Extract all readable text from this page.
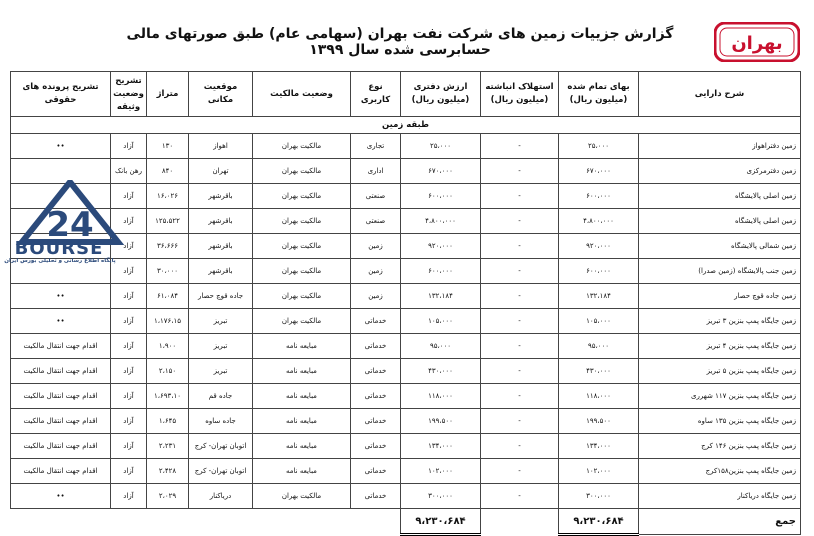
گزارش جزییات زمین های شرکت نفت بهران (سهامی عام) طبق صورتهای مالی حسابرسی شده سال ۱۳۹۹	بهران
شرح دارایی	بهای تمام شده (میلیون ریال)	استهلاک انباشته (میلیون ریال)	ارزش دفتری (میلیون ریال)	نوع کاربری	وضعیت مالکیت	موقعیت مکانی	متراژ	تشریح وضعیت وثیقه	تشریح پرونده های حقوقی
طبقه زمین									
زمین دفتراهواز	۲۵،۰۰۰	-	۲۵،۰۰۰	تجاری	مالکیت بهران	اهواز	۱۳۰	آزاد	••
زمین دفترمرکزی	۶۷۰،۰۰۰	-	۶۷۰،۰۰۰	اداری	مالکیت بهران	تهران	۸۴۰	رهن بانک	
زمین اصلی پالایشگاه	۶۰۰،۰۰۰	-	۶۰۰،۰۰۰	صنعتی	مالکیت بهران	باقرشهر	۱۶،۰۲۶	آزاد	
زمین اصلی پالایشگاه	۴،۸۰۰،۰۰۰	-	۴،۸۰۰،۰۰۰	صنعتی	مالکیت بهران	باقرشهر	۱۲۵،۵۲۲	آزاد	
زمین شمالی پالایشگاه	۹۲۰،۰۰۰	-	۹۲۰،۰۰۰	زمین	مالکیت بهران	باقرشهر	۳۶،۶۶۶	آزاد	
زمین جنب پالایشگاه (زمین صدرا)	۶۰۰،۰۰۰	-	۶۰۰،۰۰۰	زمین	مالکیت بهران	باقرشهر	۳۰،۰۰۰	آزاد	
زمین جاده قوچ حصار	۱۳۲،۱۸۴	-	۱۳۲،۱۸۴	زمین	مالکیت بهران	جاده قوچ حصار	۶۱،۰۸۴	آزاد	••
زمین جایگاه پمپ بنزین ۳ تبریز	۱۰۵،۰۰۰	-	۱۰۵،۰۰۰	خدماتی	مالکیت بهران	تبریز	۱،۱۷۶،۱۵	آزاد	••
زمین جایگاه پمپ بنزین ۴ تبریز	۹۵،۰۰۰	-	۹۵،۰۰۰	خدماتی	مبایعه نامه	تبریز	۱،۹۰۰	آزاد	اقدام جهت انتقال مالکیت
زمین جایگاه پمپ بنزین ۵ تبریز	۴۳۰،۰۰۰	-	۴۳۰،۰۰۰	خدماتی	مبایعه نامه	تبریز	۲،۱۵۰	آزاد	اقدام جهت انتقال مالکیت
زمین جایگاه پمپ بنزین ۱۱۷ شهرری	۱۱۸،۰۰۰	-	۱۱۸،۰۰۰	خدماتی	مبایعه نامه	جاده قم	۱،۶۹۳،۱۰	آزاد	اقدام جهت انتقال مالکیت
زمین جایگاه پمپ بنزین ۱۳۵ ساوه	۱۹۹،۵۰۰	-	۱۹۹،۵۰۰	خدماتی	مبایعه نامه	جاده ساوه	۱،۶۴۵	آزاد	اقدام جهت انتقال مالکیت
زمین جایگاه پمپ بنزین ۱۴۶ کرج	۱۳۴،۰۰۰	-	۱۳۴،۰۰۰	خدماتی	مبایعه نامه	اتوبان تهران- کرج	۲،۲۳۱	آزاد	اقدام جهت انتقال مالکیت
زمین جایگاه پمپ بنزین۱۵۸کرج	۱۰۲،۰۰۰	-	۱۰۲،۰۰۰	خدماتی	مبایعه نامه	اتوبان تهران- کرج	۲،۴۲۸	آزاد	اقدام جهت انتقال مالکیت
زمین جایگاه دریاکنار	۳۰۰،۰۰۰	-	۳۰۰،۰۰۰	خدماتی	مالکیت بهران	دریاکنار	۲،۰۲۹	آزاد	••
جمع	۹،۲۳۰،۶۸۴		۹،۲۳۰،۶۸۴						
24
BOURSE
پایگاه اطلاع رسانی و تحلیلی بورس ایران
